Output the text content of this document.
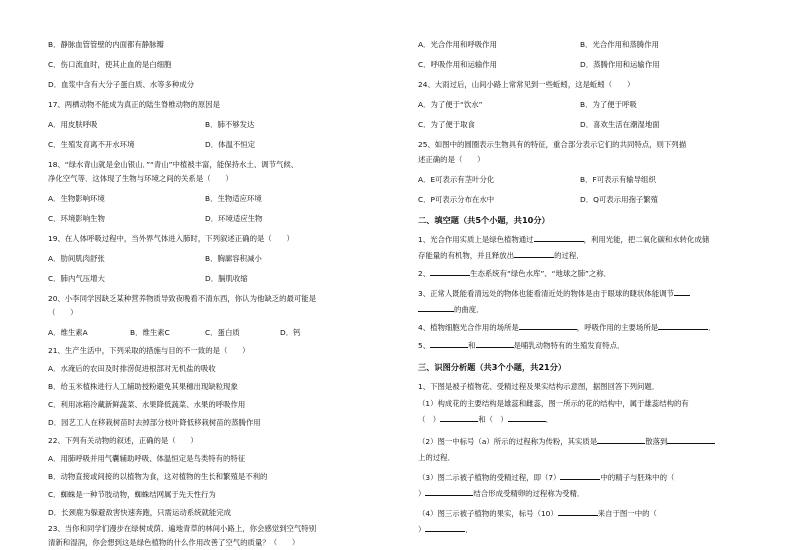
B．静脉血管管壁的内面都有静脉瓣
C．伤口流血时，使其止血的是白细胞
D．血浆中含有大分子蛋白质、水等多种成分
17、两栖动物不能成为真正的陆生脊椎动物的原因是
A．用皮肤呼吸	B．肺不够发达
C．生殖发育离不开水环境	D．体温不恒定
18、“绿水青山就是金山银山．”“青山”中植被丰富，能保持水土、调节气候、
净化空气等．这体现了生物与环境之间的关系是（　　）
A．生物影响环境	B．生物适应环境
C．环境影响生物	D．环境适应生物
19、在人体呼吸过程中，当外界气体进入肺时，下列叙述正确的是（　　）
A．肋间肌肉舒张	B．胸廓容积减小
C．肺内气压增大	D．膈肌收缩
20、小李同学因缺乏某种营养物质导致夜晚看不清东西，你认为他缺乏的最可能是
（　　）
A．维生素A	B．维生素C	C．蛋白质	D．钙
21、生产生活中，下列采取的措施与目的不一致的是（　　）
A．水淹后的农田及时排涝促进根部对无机盐的吸收
B．给玉米植株进行人工辅助授粉避免其果穗出现缺粒现象
C．利用冰箱冷藏新鲜蔬菜、水果降低蔬菜、水果的呼吸作用
D．园艺工人在移栽树苗时去掉部分枝叶降低移栽树苗的蒸腾作用
22、下列有关动物的叙述，正确的是（　　）
A．用肺呼吸并用气囊辅助呼吸、体温恒定是鸟类特有的特征
B．动物直接或间接的以植物为食，这对植物的生长和繁殖是不利的
C．蜘蛛是一种节肢动物，蜘蛛结网属于先天性行为
D．长颈鹿为躲避敌害快速奔跑，只需运动系统就能完成
23、当你和同学们漫步在绿树成荫、遍地青草的林间小路上，你会感觉到空气特别
清新和湿润，你会想到这是绿色植物的什么作用改善了空气的质量？（　　）
A．光合作用和呼吸作用	B．光合作用和蒸腾作用
C．呼吸作用和运输作用	D．蒸腾作用和运输作用
24、大雨过后，山间小路上常常见到一些蚯蚓，这是蚯蚓（　　）
A．为了便于“饮水”	B．为了便于呼吸
C．为了便于取食	D．喜欢生活在潮湿地面
25、如图中的圆圈表示生物具有的特征，重合部分表示它们的共同特点，则下列描
述正确的是（　　）
A．E可表示有茎叶分化	B．F可表示有输导组织
C．P可表示分布在水中	D．Q可表示用孢子繁殖
二、填空题（共5个小题，共10分）
1、光合作用实质上是绿色植物通过	，利用光能，把二氧化碳和水转化成储
存能量的有机物，并且释放出	的过程．
2、	生态系统有“绿色水库”、“地球之肺”之称．
3、正常人既能看清远处的物体也能看清近处的物体是由于眼球的睫状体能调节
的曲度．
4、植物细胞光合作用的场所是	，呼吸作用的主要场所是	．
5、	和	是哺乳动物特有的生殖发育特点．
三、识图分析题（共3个小题，共21分）
1、下图是被子植物花、受精过程及果实结构示意图，据图回答下列问题．
（1）构成花的主要结构是雄蕊和雌蕊，图一所示的花的结构中，属于雄蕊结构的有
（　）	和（　）	．
（2）图一中标号（a）所示的过程称为传粉，其实质是	散落到
上的过程．
（3）图二示被子植物的受精过程，即（7）	中的精子与胚珠中的（
）	结合形成受精卵的过程称为受精．
（4）图三示被子植物的果实，标号（10）	来自于图一中的（
）	．
